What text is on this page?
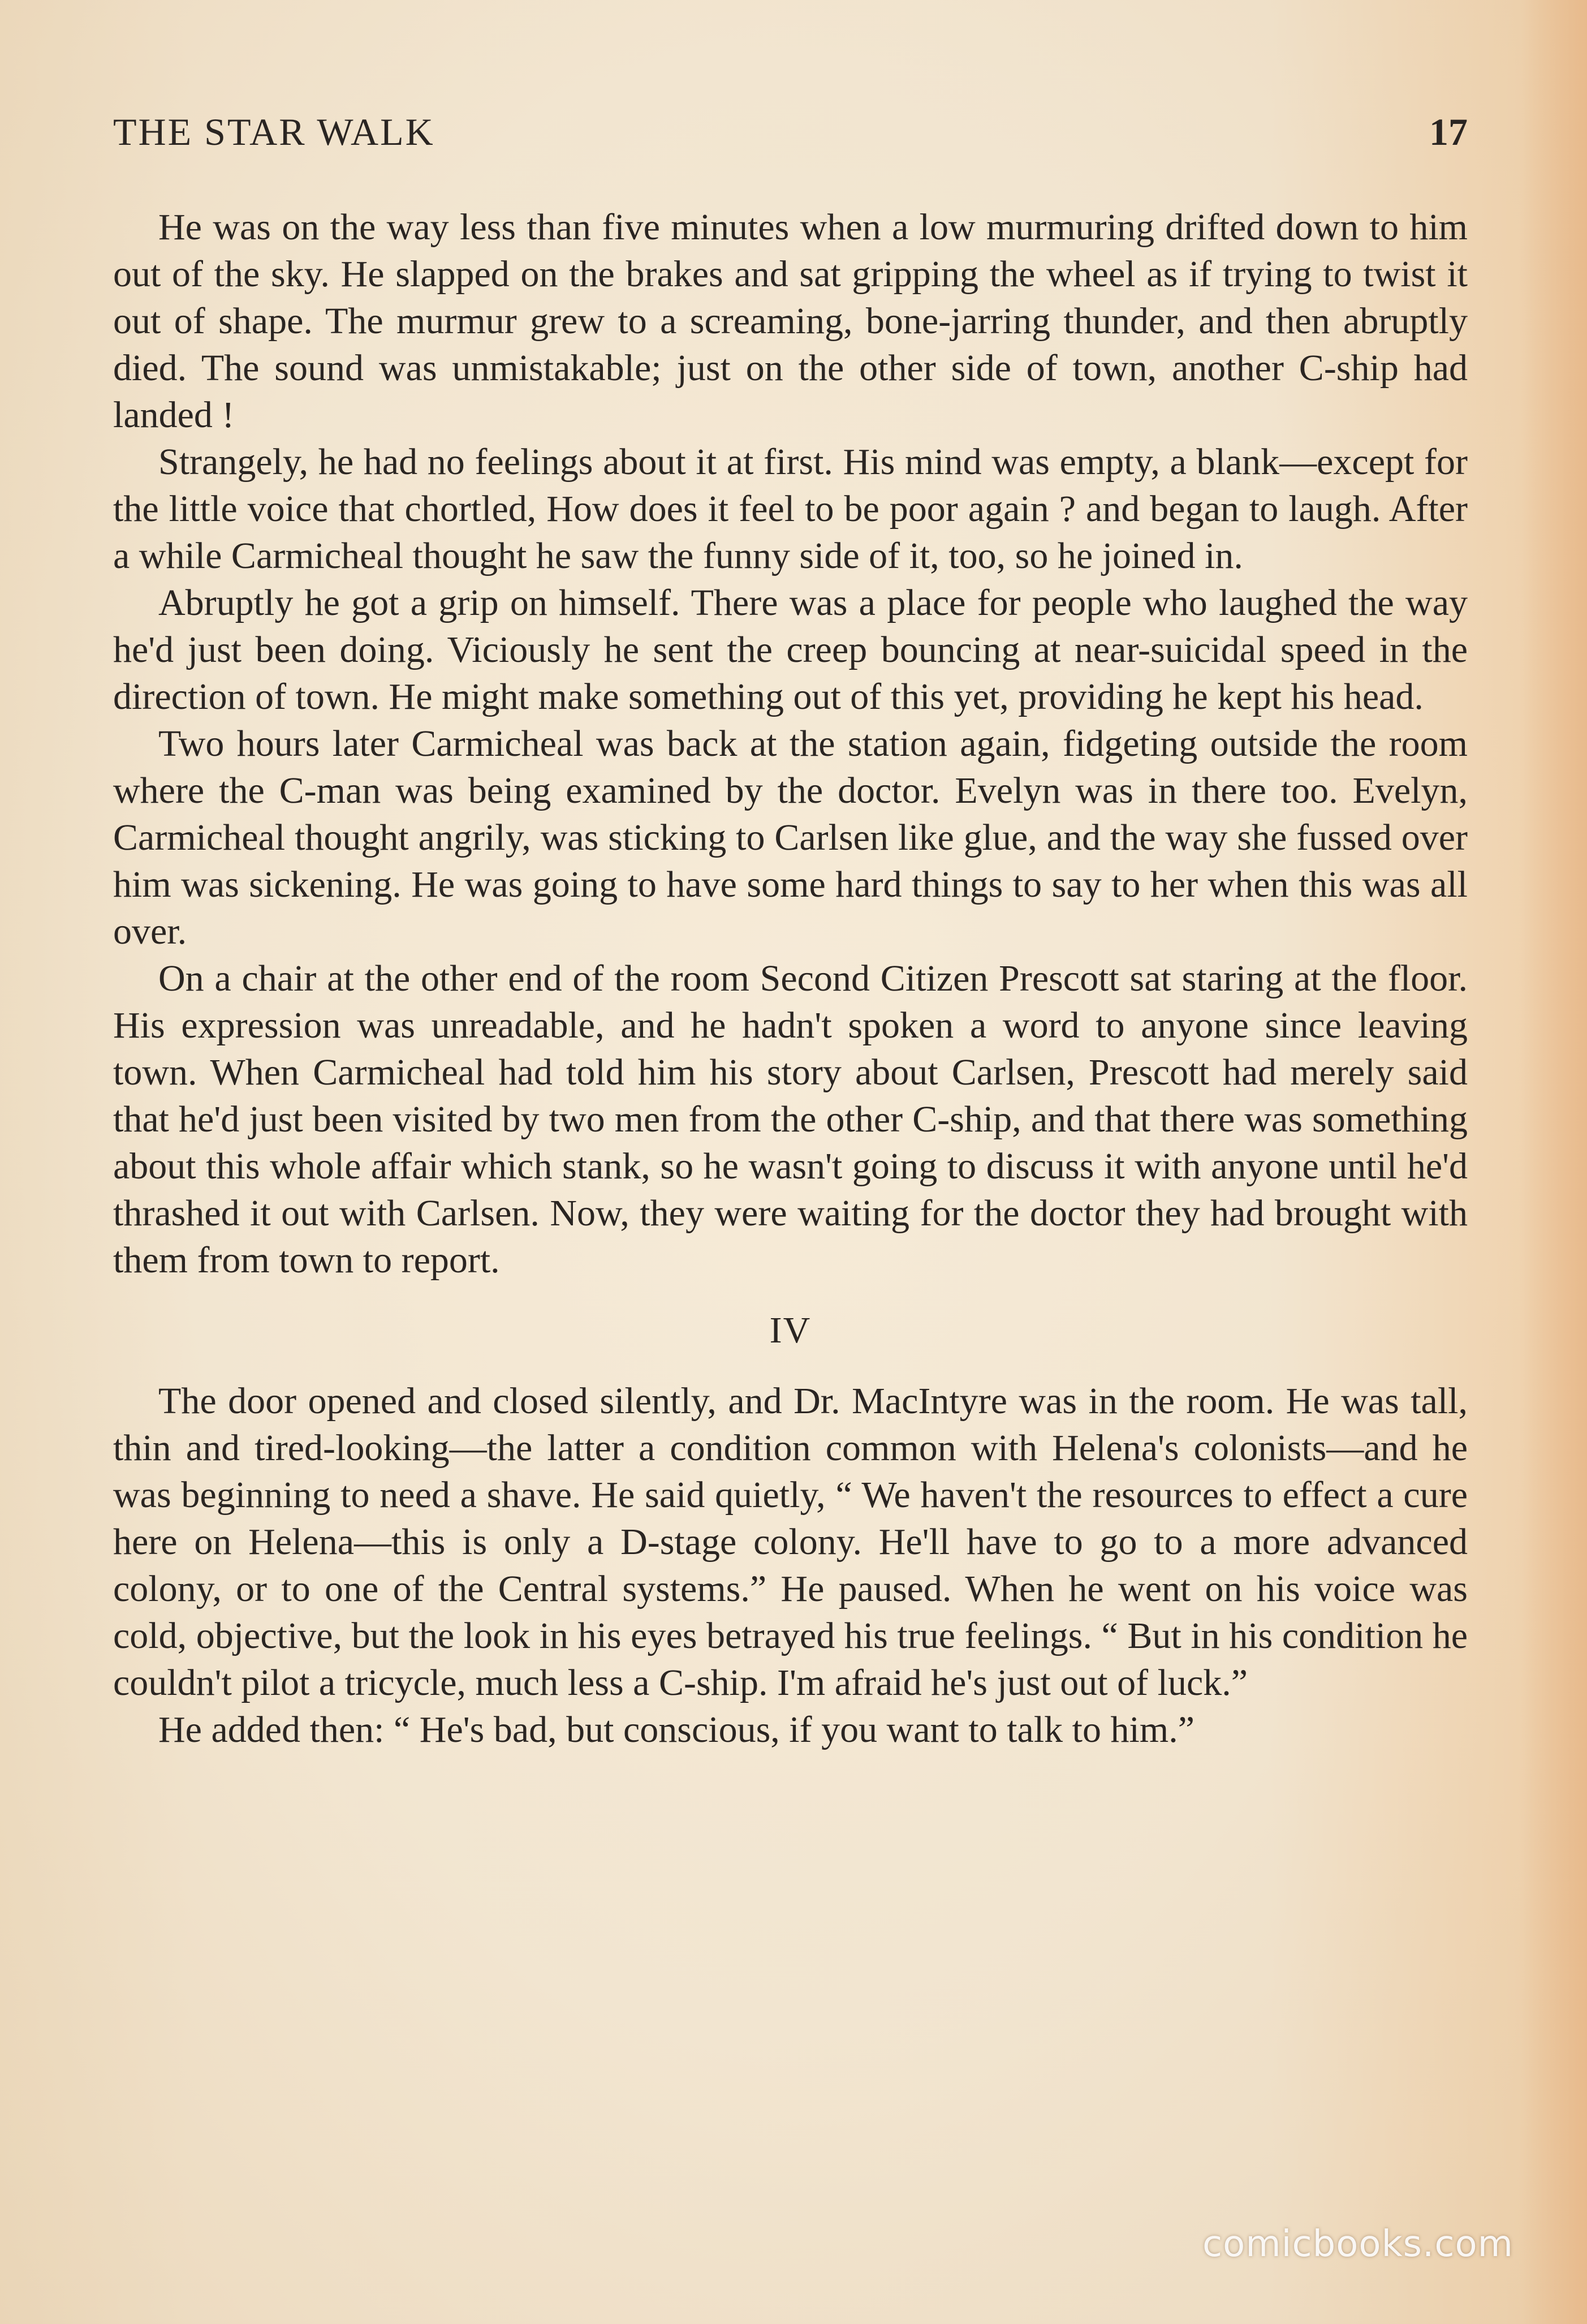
THE STAR WALK	17

He was on the way less than five minutes when a low murmuring drifted down to him out of the sky. He slapped on the brakes and sat gripping the wheel as if trying to twist it out of shape. The murmur grew to a screaming, bone-jarring thunder, and then abruptly died. The sound was unmistakable; just on the other side of town, another C-ship had landed !

Strangely, he had no feelings about it at first. His mind was empty, a blank—except for the little voice that chortled, How does it feel to be poor again ? and began to laugh. After a while Carmicheal thought he saw the funny side of it, too, so he joined in.

Abruptly he got a grip on himself. There was a place for people who laughed the way he'd just been doing. Viciously he sent the creep bouncing at near-suicidal speed in the direction of town. He might make something out of this yet, providing he kept his head.

Two hours later Carmicheal was back at the station again, fidgeting outside the room where the C-man was being examined by the doctor. Evelyn was in there too. Evelyn, Carmicheal thought angrily, was sticking to Carlsen like glue, and the way she fussed over him was sickening. He was going to have some hard things to say to her when this was all over.

On a chair at the other end of the room Second Citizen Prescott sat staring at the floor. His expression was unreadable, and he hadn't spoken a word to anyone since leaving town. When Carmicheal had told him his story about Carlsen, Prescott had merely said that he'd just been visited by two men from the other C-ship, and that there was something about this whole affair which stank, so he wasn't going to discuss it with anyone until he'd thrashed it out with Carlsen. Now, they were waiting for the doctor they had brought with them from town to report.

IV

The door opened and closed silently, and Dr. MacIntyre was in the room. He was tall, thin and tired-looking—the latter a condition common with Helena's colonists—and he was beginning to need a shave. He said quietly, “ We haven't the resources to effect a cure here on Helena—this is only a D-stage colony. He'll have to go to a more advanced colony, or to one of the Central systems.” He paused. When he went on his voice was cold, objective, but the look in his eyes betrayed his true feelings. “ But in his condition he couldn't pilot a tricycle, much less a C-ship. I'm afraid he's just out of luck.”

He added then: “ He's bad, but conscious, if you want to talk to him.”

comicbooks.com
